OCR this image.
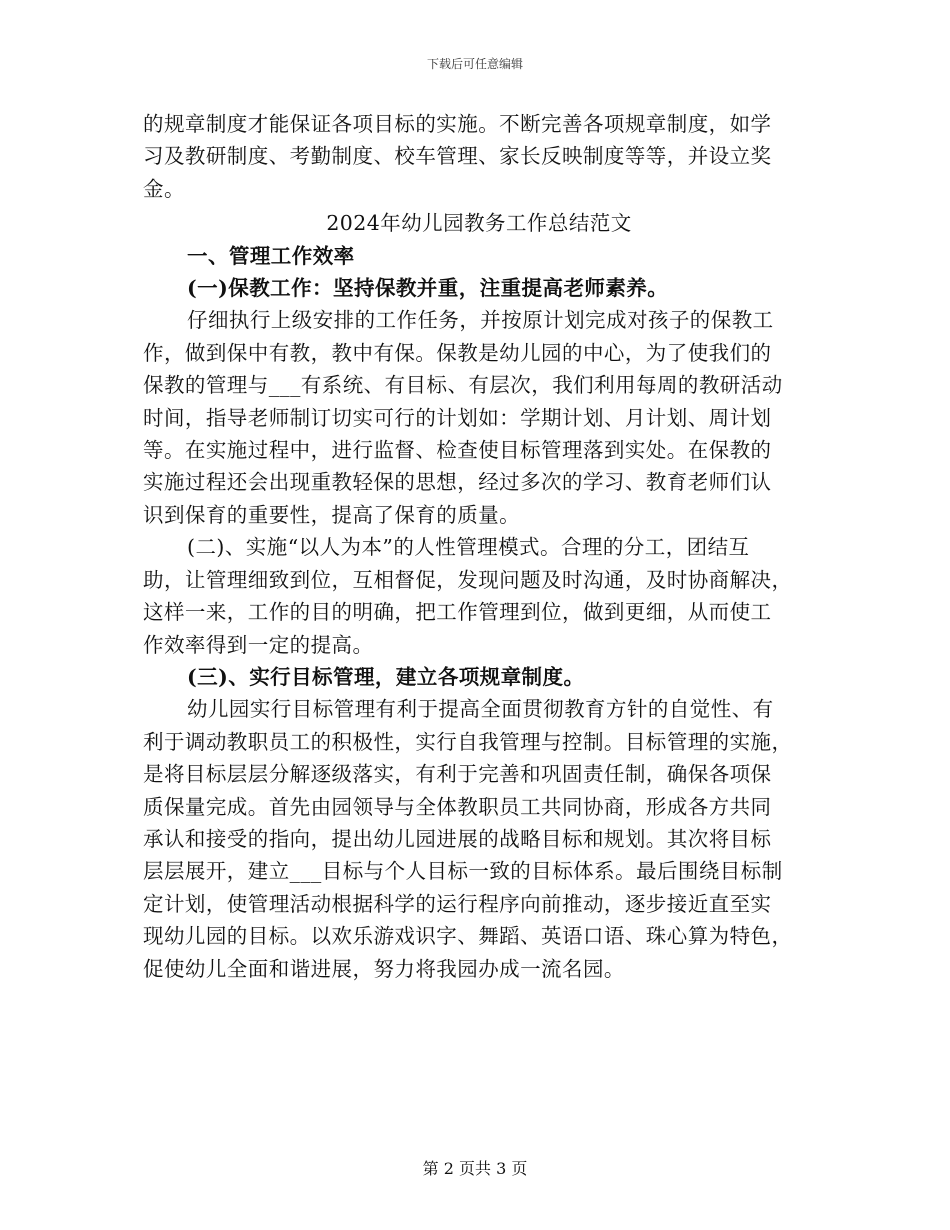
下载后可任意编辑
的规章制度才能保证各项目标的实施。不断完善各项规章制度，如学
习及教研制度、考勤制度、校车管理、家长反映制度等等，并设立奖
金。
2024年幼儿园教务工作总结范文
一、管理工作效率
(一)保教工作：坚持保教并重，注重提高老师素养。
仔细执行上级安排的工作任务，并按原计划完成对孩子的保教工
作，做到保中有教，教中有保。保教是幼儿园的中心，为了使我们的
保教的管理与___有系统、有目标、有层次，我们利用每周的教研活动
时间，指导老师制订切实可行的计划如：学期计划、月计划、周计划
等。在实施过程中，进行监督、检查使目标管理落到实处。在保教的
实施过程还会出现重教轻保的思想，经过多次的学习、教育老师们认
识到保育的重要性，提高了保育的质量。
(二)、实施“以人为本”的人性管理模式。合理的分工，团结互
助，让管理细致到位，互相督促，发现问题及时沟通，及时协商解决，
这样一来，工作的目的明确，把工作管理到位，做到更细，从而使工
作效率得到一定的提高。
(三)、实行目标管理，建立各项规章制度。
幼儿园实行目标管理有利于提高全面贯彻教育方针的自觉性、有
利于调动教职员工的积极性，实行自我管理与控制。目标管理的实施，
是将目标层层分解逐级落实，有利于完善和巩固责任制，确保各项保
质保量完成。首先由园领导与全体教职员工共同协商，形成各方共同
承认和接受的指向，提出幼儿园进展的战略目标和规划。其次将目标
层层展开，建立___目标与个人目标一致的目标体系。最后围绕目标制
定计划，使管理活动根据科学的运行程序向前推动，逐步接近直至实
现幼儿园的目标。以欢乐游戏识字、舞蹈、英语口语、珠心算为特色，
促使幼儿全面和谐进展，努力将我园办成一流名园。
第 2 页共 3 页
